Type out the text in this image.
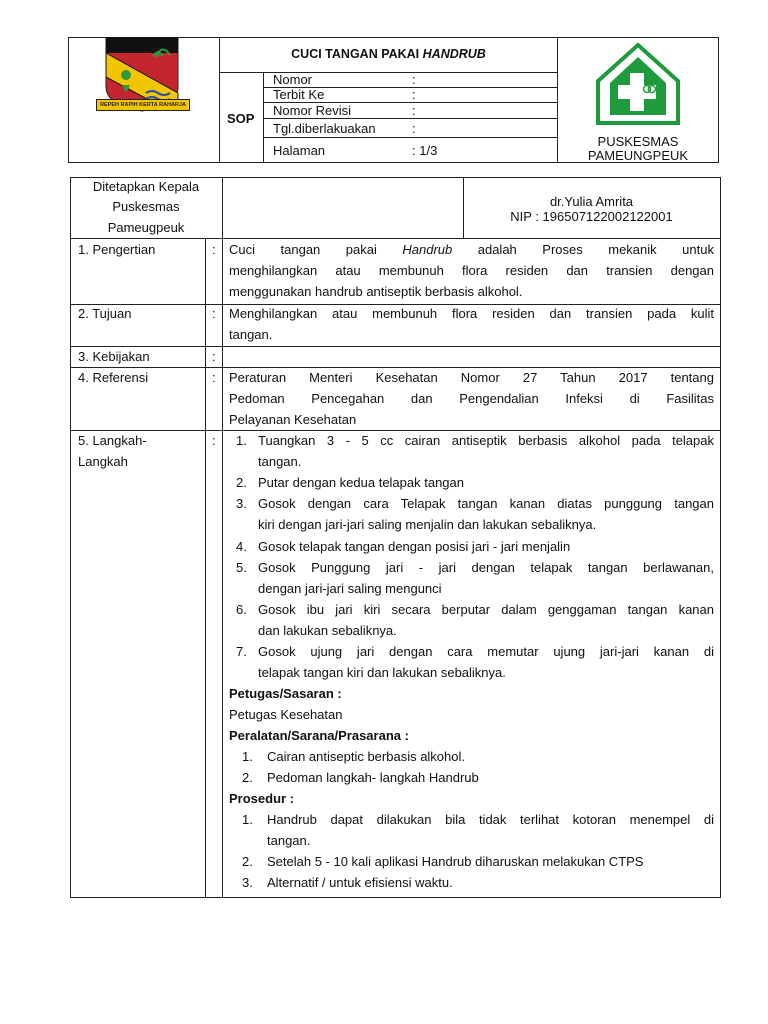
REPEH RAPIH KERTA RAHARJA
CUCI TANGAN PAKAI HANDRUB
SOP
Nomor	:
Terbit Ke	:
Nomor Revisi	:
Tgl.diberlakuakan	:
Halaman	: 1/3
PUSKESMAS
PAMEUNGPEUK
Ditetapkan Kepala
Puskesmas
Pameugpeuk
dr.Yulia Amrita
NIP : 196507122002122001
1. Pengertian	: Cuci tangan pakai Handrub adalah Proses mekanik untuk
menghilangkan atau membunuh flora residen dan transien dengan
menggunakan handrub antiseptik berbasis alkohol.
2. Tujuan	: Menghilangkan atau membunuh flora residen dan transien pada kulit
tangan.
3. Kebijakan	:
4. Referensi	: Peraturan Menteri Kesehatan Nomor 27 Tahun 2017 tentang
Pedoman Pencegahan dan Pengendalian Infeksi di Fasilitas
Pelayanan Kesehatan
5. Langkah-
Langkah
: 1. Tuangkan 3 - 5 cc cairan antiseptik berbasis alkohol pada telapak
tangan.
2. Putar dengan kedua telapak tangan
3. Gosok dengan cara Telapak tangan kanan diatas punggung tangan
kiri dengan jari-jari saling menjalin dan lakukan sebaliknya.
4. Gosok telapak tangan dengan posisi jari - jari menjalin
5. Gosok Punggung jari - jari dengan telapak tangan berlawanan,
dengan jari-jari saling mengunci
6. Gosok ibu jari kiri secara berputar dalam genggaman tangan kanan
dan lakukan sebaliknya.
7. Gosok ujung jari dengan cara memutar ujung jari-jari kanan di
telapak tangan kiri dan lakukan sebaliknya.
Petugas/Sasaran :
Petugas Kesehatan
Peralatan/Sarana/Prasarana :
1. Cairan antiseptic berbasis alkohol.
2. Pedoman langkah- langkah Handrub
Prosedur :
1. Handrub dapat dilakukan bila tidak terlihat kotoran menempel di
tangan.
2. Setelah 5 - 10 kali aplikasi Handrub diharuskan melakukan CTPS
3. Alternatif / untuk efisiensi waktu.
